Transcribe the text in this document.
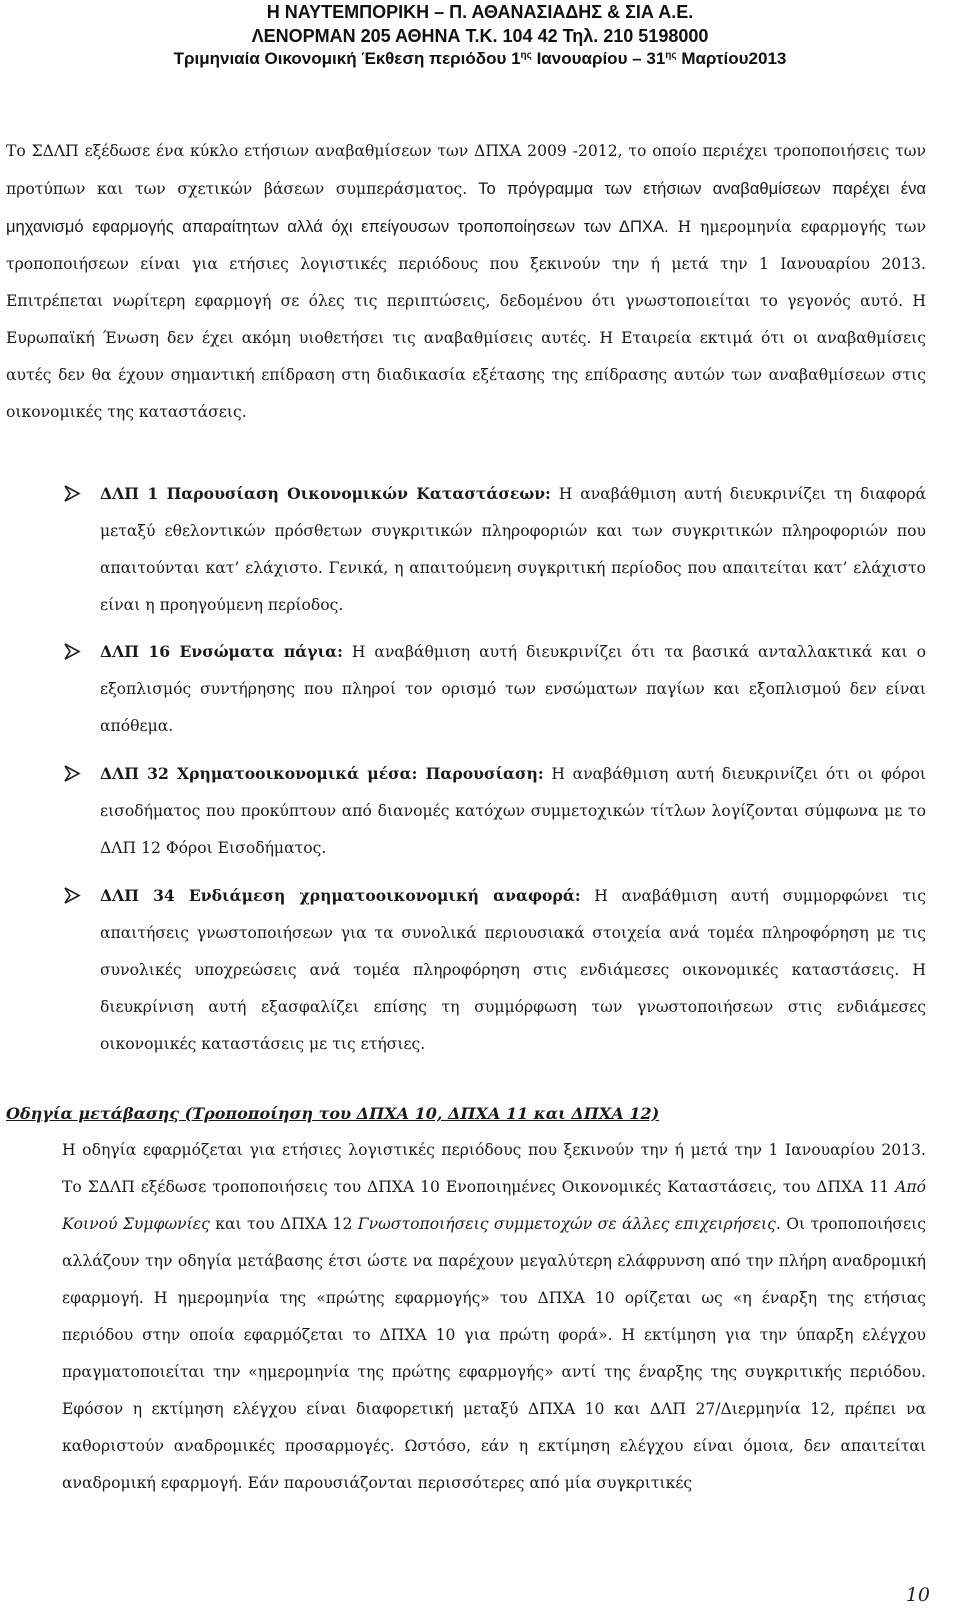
Η ΝΑΥΤΕΜΠΟΡΙΚΗ – Π. ΑΘΑΝΑΣΙΑΔΗΣ & ΣΙΑ Α.Ε.
ΛΕΝΟΡΜΑΝ 205 ΑΘΗΝΑ Τ.Κ. 104 42 Τηλ. 210 5198000
Τριμηνιαία Οικονομική Έκθεση περιόδου $1^{\eta\varsigma}$ Ιανουαρίου – $31^{\eta\varsigma}$ Μαρτίου2013
Το ΣΔΛΠ εξέδωσε ένα κύκλο ετήσιων αναβαθμίσεων των ΔΠΧΑ 2009 -2012, το οποίο περιέχει τροποποιήσεις των προτύπων και των σχετικών βάσεων συμπεράσματος. Το πρόγραμμα των ετήσιων αναβαθμίσεων παρέχει ένα μηχανισμό εφαρμογής απαραίτητων αλλά όχι επείγουσων τροποποίησεων των ΔΠΧΑ. Η ημερομηνία εφαρμογής των τροποποιήσεων είναι για ετήσιες λογιστικές περιόδους που ξεκινούν την ή μετά την 1 Ιανουαρίου 2013. Επιτρέπεται νωρίτερη εφαρμογή σε όλες τις περιπτώσεις, δεδομένου ότι γνωστοποιείται το γεγονός αυτό. Η Ευρωπαϊκή Ένωση δεν έχει ακόμη υιοθετήσει τις αναβαθμίσεις αυτές. Η Εταιρεία εκτιμά ότι οι αναβαθμίσεις αυτές δεν θα έχουν σημαντική επίδραση στη διαδικασία εξέτασης της επίδρασης αυτών των αναβαθμίσεων στις οικονομικές της καταστάσεις.
ΔΛΠ 1 Παρουσίαση Οικονομικών Καταστάσεων: Η αναβάθμιση αυτή διευκρινίζει τη διαφορά μεταξύ εθελοντικών πρόσθετων συγκριτικών πληροφοριών και των συγκριτικών πληροφοριών που απαιτούνται κατ’ ελάχιστο. Γενικά, η απαιτούμενη συγκριτική περίοδος που απαιτείται κατ’ ελάχιστο είναι η προηγούμενη περίοδος.
ΔΛΠ 16 Ενσώματα πάγια: Η αναβάθμιση αυτή διευκρινίζει ότι τα βασικά ανταλλακτικά και ο εξοπλισμός συντήρησης που πληροί τον ορισμό των ενσώματων παγίων και εξοπλισμού δεν είναι απόθεμα.
ΔΛΠ 32 Χρηματοοικονομικά μέσα: Παρουσίαση: Η αναβάθμιση αυτή διευκρινίζει ότι οι φόροι εισοδήματος που προκύπτουν από διανομές κατόχων συμμετοχικών τίτλων λογίζονται σύμφωνα με το ΔΛΠ 12 Φόροι Εισοδήματος.
ΔΛΠ 34 Ενδιάμεση χρηματοοικονομική αναφορά: Η αναβάθμιση αυτή συμμορφώνει τις απαιτήσεις γνωστοποιήσεων για τα συνολικά περιουσιακά στοιχεία ανά τομέα πληροφόρηση με τις συνολικές υποχρεώσεις ανά τομέα πληροφόρηση στις ενδιάμεσες οικονομικές καταστάσεις. Η διευκρίνιση αυτή εξασφαλίζει επίσης τη συμμόρφωση των γνωστοποιήσεων στις ενδιάμεσες οικονομικές καταστάσεις με τις ετήσιες.
Οδηγία μετάβασης (Τροποποίηση του ΔΠΧΑ 10, ΔΠΧΑ 11 και ΔΠΧΑ 12)
Η οδηγία εφαρμόζεται για ετήσιες λογιστικές περιόδους που ξεκινούν την ή μετά την 1 Ιανουαρίου 2013. Το ΣΔΛΠ εξέδωσε τροποποιήσεις του ΔΠΧΑ 10 Ενοποιημένες Οικονομικές Καταστάσεις, του ΔΠΧΑ 11 Από Κοινού Συμφωνίες και του ΔΠΧΑ 12 Γνωστοποιήσεις συμμετοχών σε άλλες επιχειρήσεις. Οι τροποποιήσεις αλλάζουν την οδηγία μετάβασης έτσι ώστε να παρέχουν μεγαλύτερη ελάφρυνση από την πλήρη αναδρομική εφαρμογή. Η ημερομηνία της «πρώτης εφαρμογής» του ΔΠΧΑ 10 ορίζεται ως «η έναρξη της ετήσιας περιόδου στην οποία εφαρμόζεται το ΔΠΧΑ 10 για πρώτη φορά». Η εκτίμηση για την ύπαρξη ελέγχου πραγματοποιείται την «ημερομηνία της πρώτης εφαρμογής» αντί της έναρξης της συγκριτικής περιόδου. Εφόσον η εκτίμηση ελέγχου είναι διαφορετική μεταξύ ΔΠΧΑ 10 και ΔΛΠ 27/Διερμηνία 12, πρέπει να καθοριστούν αναδρομικές προσαρμογές. Ωστόσο, εάν η εκτίμηση ελέγχου είναι όμοια, δεν απαιτείται αναδρομική εφαρμογή. Εάν παρουσιάζονται περισσότερες από μία συγκριτικές
10
